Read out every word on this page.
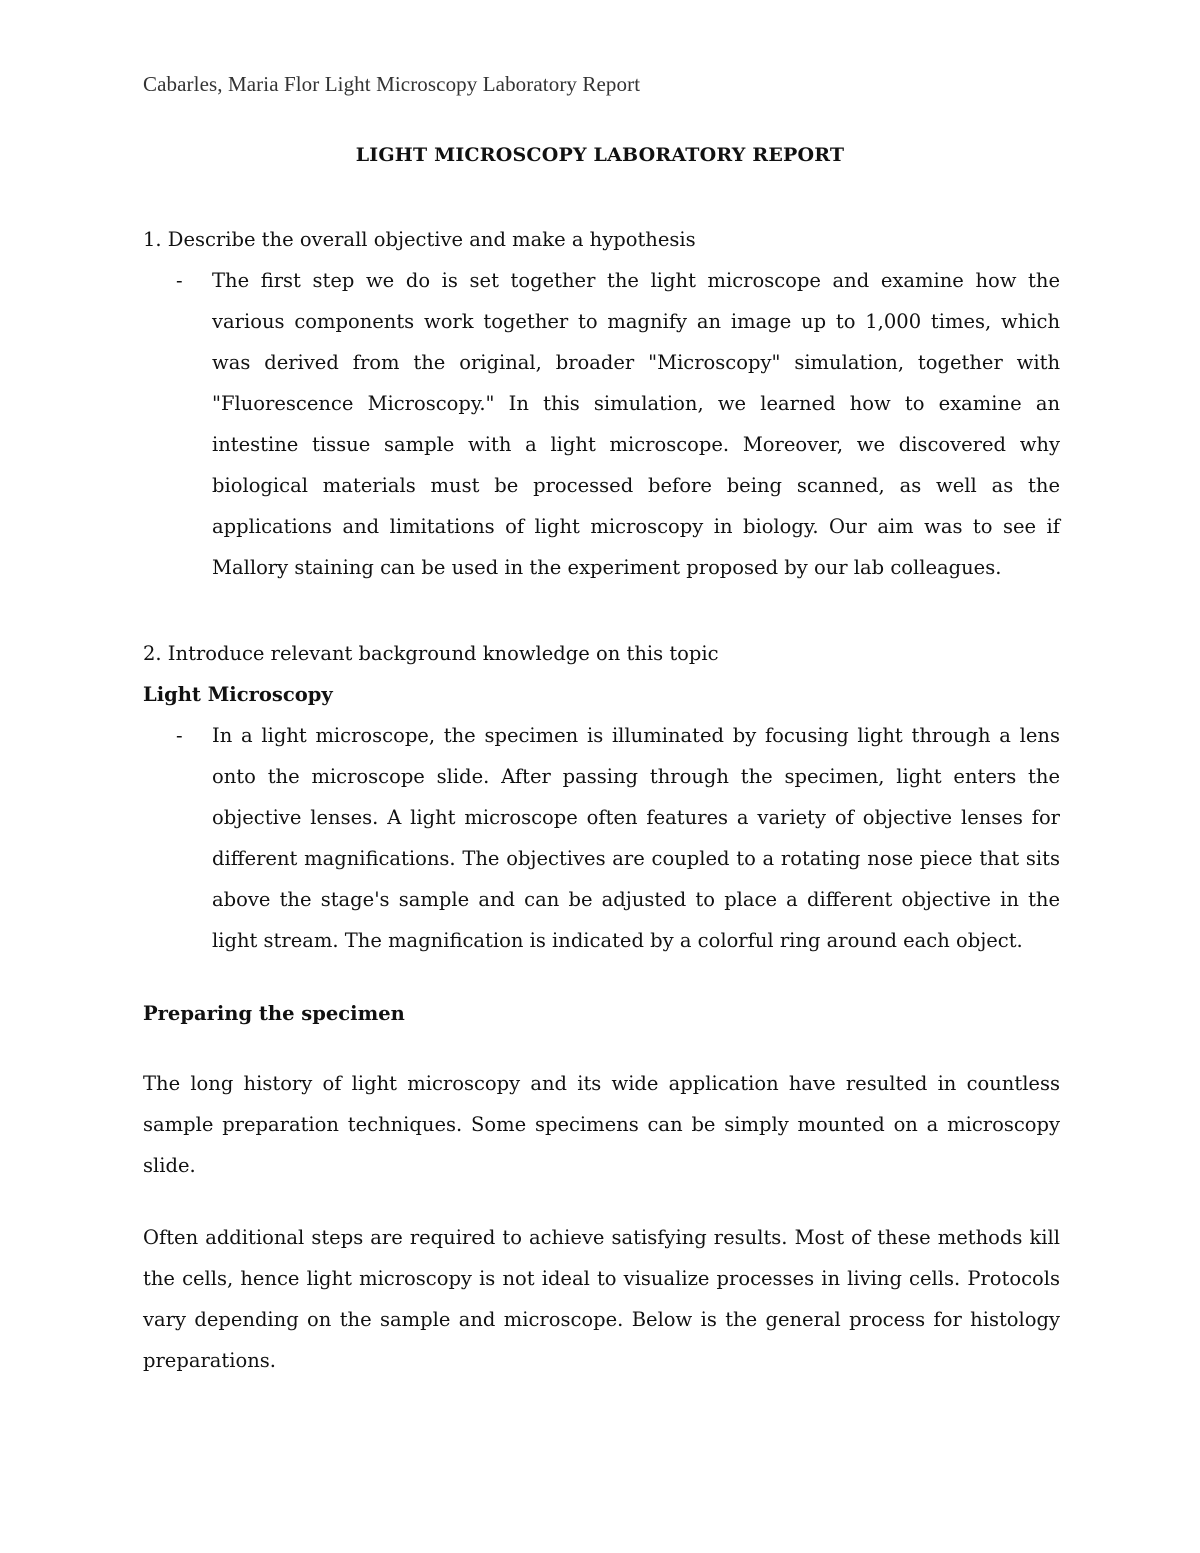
Cabarles, Maria Flor Light Microscopy Laboratory Report
LIGHT MICROSCOPY LABORATORY REPORT
1. Describe the overall objective and make a hypothesis
- The first step we do is set together the light microscope and examine how the various components work together to magnify an image up to 1,000 times, which was derived from the original, broader "Microscopy" simulation, together with "Fluorescence Microscopy." In this simulation, we learned how to examine an intestine tissue sample with a light microscope. Moreover, we discovered why biological materials must be processed before being scanned, as well as the applications and limitations of light microscopy in biology. Our aim was to see if Mallory staining can be used in the experiment proposed by our lab colleagues.
2. Introduce relevant background knowledge on this topic
Light Microscopy
- In a light microscope, the specimen is illuminated by focusing light through a lens onto the microscope slide. After passing through the specimen, light enters the objective lenses. A light microscope often features a variety of objective lenses for different magnifications. The objectives are coupled to a rotating nose piece that sits above the stage's sample and can be adjusted to place a different objective in the light stream. The magnification is indicated by a colorful ring around each object.
Preparing the specimen
The long history of light microscopy and its wide application have resulted in countless sample preparation techniques. Some specimens can be simply mounted on a microscopy slide.
Often additional steps are required to achieve satisfying results. Most of these methods kill the cells, hence light microscopy is not ideal to visualize processes in living cells. Protocols vary depending on the sample and microscope. Below is the general process for histology preparations.
